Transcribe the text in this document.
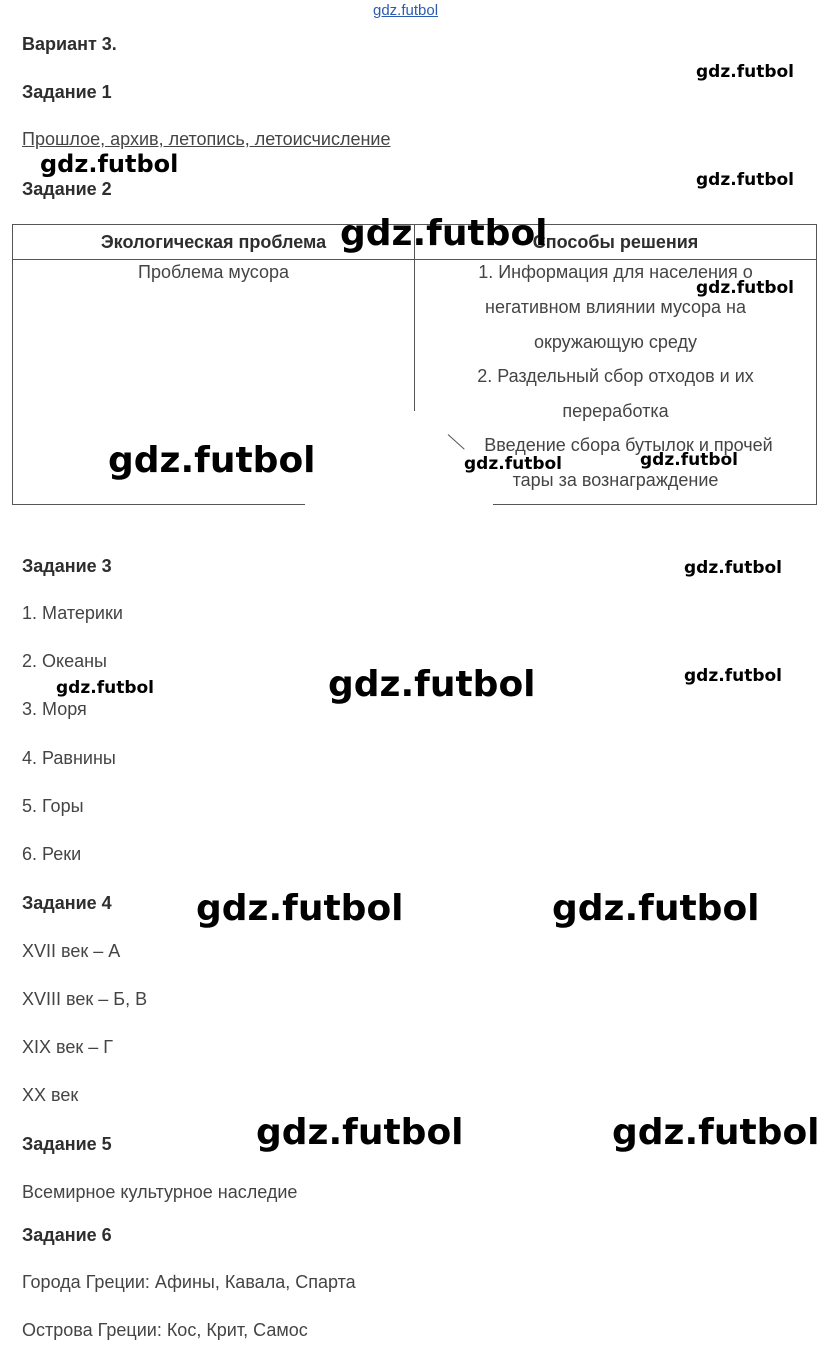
gdz.futbol
Вариант 3.
Задание 1
Прошлое, архив, летопись, летоисчисление
Задание 2
Экологическая проблема	Способы решения
Проблема мусора	1. Информация для населения о
негативном влиянии мусора на
окружающую среду
2. Раздельный сбор отходов и их
переработка
Введение сбора бутылок и прочей
тары за вознаграждение
Задание 3
1. Материки
2. Океаны
3. Моря
4. Равнины
5. Горы
6. Реки
Задание 4
XVII век – А
XVIII век – Б, В
XIX век – Г
XX век
Задание 5
Всемирное культурное наследие
Задание 6
Города Греции: Афины, Кавала, Спарта
Острова Греции: Кос, Крит, Самос
gdz.futbol
gdz.futbol
gdz.futbol
gdz.futbol
gdz.futbol
gdz.futbol	gdz.futbol	gdz.futbol
gdz.futbol
gdz.futbol
gdz.futbol	gdz.futbol
gdz.futbol	gdz.futbol
gdz.futbol	gdz.futbol
